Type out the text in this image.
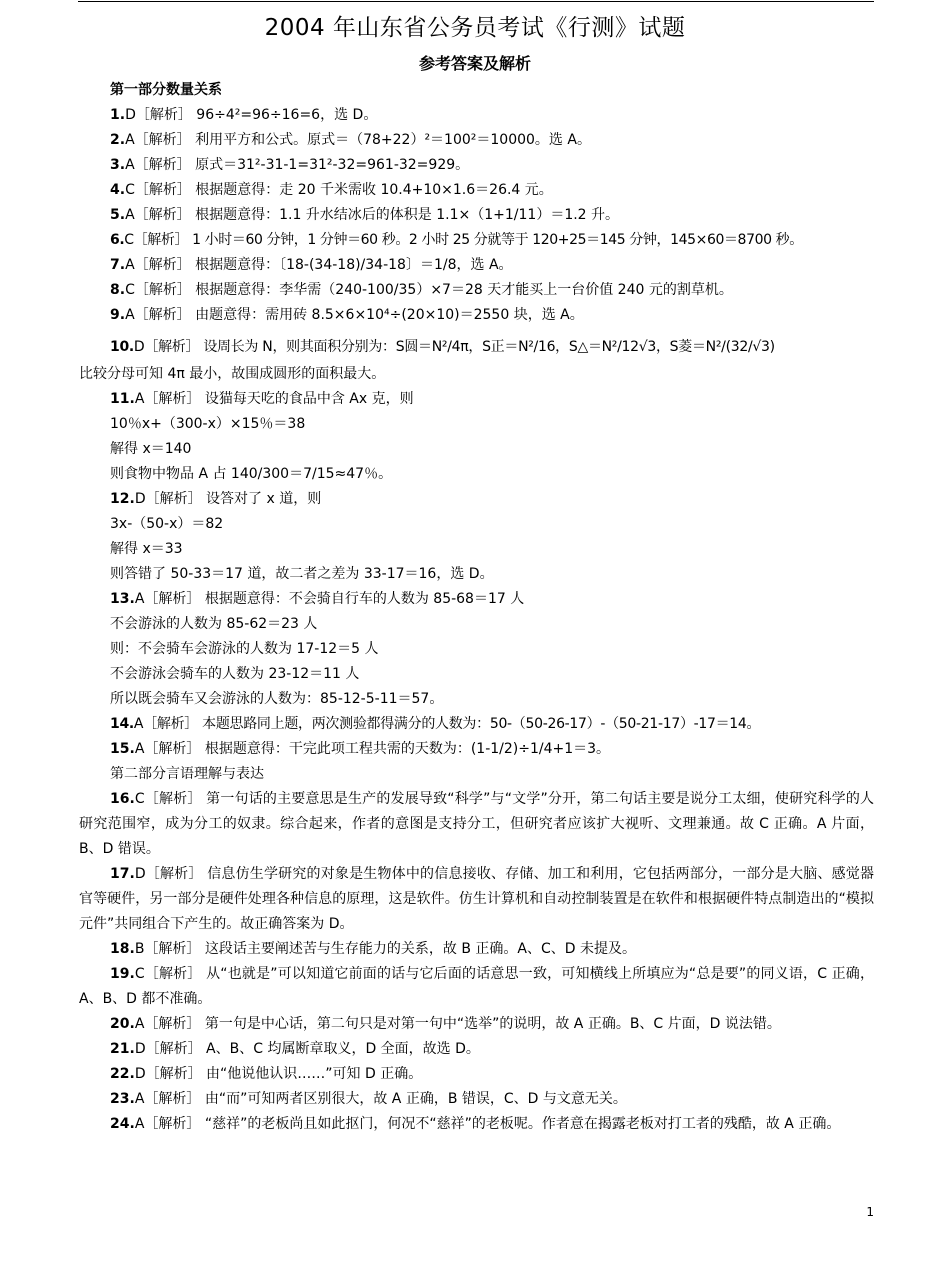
2004 年山东省公务员考试《行测》试题
参考答案及解析
第一部分数量关系
1.D［解析］ 96÷4²=96÷16=6，选 D。
2.A［解析］ 利用平方和公式。原式＝（78+22）²＝100²＝10000。选 A。
3.A［解析］ 原式＝31²-31-1=31²-32=961-32=929。
4.C［解析］ 根据题意得：走 20 千米需收 10.4+10×1.6＝26.4 元。
5.A［解析］ 根据题意得：1.1 升水结冰后的体积是 1.1×（1+1/11）＝1.2 升。
6.C［解析］ 1 小时＝60 分钟，1 分钟＝60 秒。2 小时 25 分就等于 120+25＝145 分钟，145×60＝8700 秒。
7.A［解析］ 根据题意得：〔18-(34-18)/34-18〕＝1/8，选 A。
8.C［解析］ 根据题意得：李华需（240-100/35）×7＝28 天才能买上一台价值 240 元的割草机。
9.A［解析］ 由题意得：需用砖 8.5×6×10⁴÷(20×10)＝2550 块，选 A。
10.D［解析］ 设周长为 N，则其面积分别为：S圆＝N²/4π，S正＝N²/16，S△＝N²/12√3，S菱＝N²/(32/√3)
比较分母可知 4π 最小，故围成圆形的面积最大。
11.A［解析］ 设猫每天吃的食品中含 Ax 克，则
10％x+（300-x）×15％＝38
解得 x＝140
则食物中物品 A 占 140/300＝7/15≈47％。
12.D［解析］ 设答对了 x 道，则
3x-（50-x）＝82
解得 x＝33
则答错了 50-33＝17 道，故二者之差为 33-17＝16，选 D。
13.A［解析］ 根据题意得：不会骑自行车的人数为 85-68＝17 人
不会游泳的人数为 85-62＝23 人
则：不会骑车会游泳的人数为 17-12＝5 人
不会游泳会骑车的人数为 23-12＝11 人
所以既会骑车又会游泳的人数为：85-12-5-11＝57。
14.A［解析］ 本题思路同上题，两次测验都得满分的人数为：50-（50-26-17）-（50-21-17）-17＝14。
15.A［解析］ 根据题意得：干完此项工程共需的天数为：(1-1/2)÷1/4+1＝3。
第二部分言语理解与表达
16.C［解析］ 第一句话的主要意思是生产的发展导致“科学”与“文学”分开，第二句话主要是说分工太细，使研究科学的人研究范围窄，成为分工的奴隶。综合起来，作者的意图是支持分工，但研究者应该扩大视听、文理兼通。故 C 正确。A 片面，B、D 错误。
17.D［解析］ 信息仿生学研究的对象是生物体中的信息接收、存储、加工和利用，它包括两部分，一部分是大脑、感觉器官等硬件，另一部分是硬件处理各种信息的原理，这是软件。仿生计算机和自动控制装置是在软件和根据硬件特点制造出的“模拟元件”共同组合下产生的。故正确答案为 D。
18.B［解析］ 这段话主要阐述苦与生存能力的关系，故 B 正确。A、C、D 未提及。
19.C［解析］ 从“也就是”可以知道它前面的话与它后面的话意思一致，可知横线上所填应为“总是要”的同义语，C 正确，A、B、D 都不准确。
20.A［解析］ 第一句是中心话，第二句只是对第一句中“选举”的说明，故 A 正确。B、C 片面，D 说法错。
21.D［解析］ A、B、C 均属断章取义，D 全面，故选 D。
22.D［解析］ 由“他说他认识……”可知 D 正确。
23.A［解析］ 由“而”可知两者区别很大，故 A 正确，B 错误，C、D 与文意无关。
24.A［解析］ “慈祥”的老板尚且如此抠门，何况不“慈祥”的老板呢。作者意在揭露老板对打工者的残酷，故 A 正确。
1
